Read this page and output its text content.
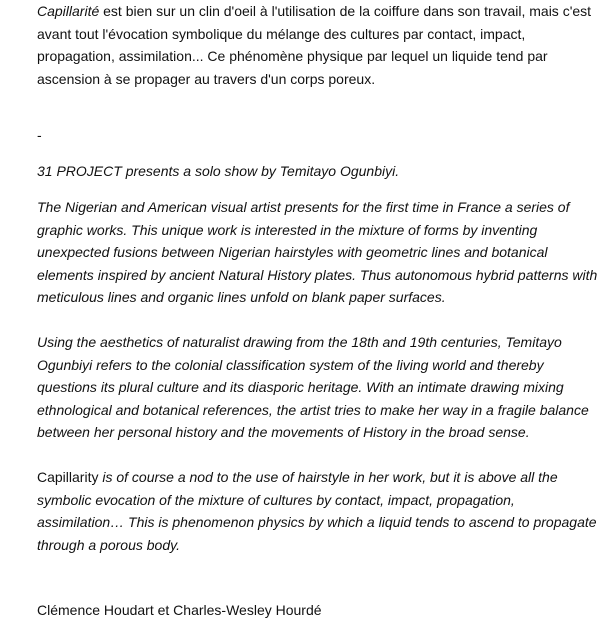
Capillarité est bien sur un clin d'oeil à l'utilisation de la coiffure dans son travail, mais c'est
avant tout l'évocation symbolique du mélange des cultures par contact, impact,
propagation, assimilation... Ce phénomène physique par lequel un liquide tend par
ascension à se propager au travers d'un corps poreux.

-

31 PROJECT presents a solo show by Temitayo Ogunbiyi.

The Nigerian and American visual artist presents for the first time in France a series of
graphic works. This unique work is interested in the mixture of forms by inventing
unexpected fusions between Nigerian hairstyles with geometric lines and botanical
elements inspired by ancient Natural History plates. Thus autonomous hybrid patterns with
meticulous lines and organic lines unfold on blank paper surfaces.

Using the aesthetics of naturalist drawing from the 18th and 19th centuries, Temitayo
Ogunbiyi refers to the colonial classification system of the living world and thereby
questions its plural culture and its diasporic heritage. With an intimate drawing mixing
ethnological and botanical references, the artist tries to make her way in a fragile balance
between her personal history and the movements of History in the broad sense.

Capillarity is of course a nod to the use of hairstyle in her work, but it is above all the
symbolic evocation of the mixture of cultures by contact, impact, propagation,
assimilation… This is phenomenon physics by which a liquid tends to ascend to propagate
through a porous body.

Clémence Houdart et Charles-Wesley Hourdé
